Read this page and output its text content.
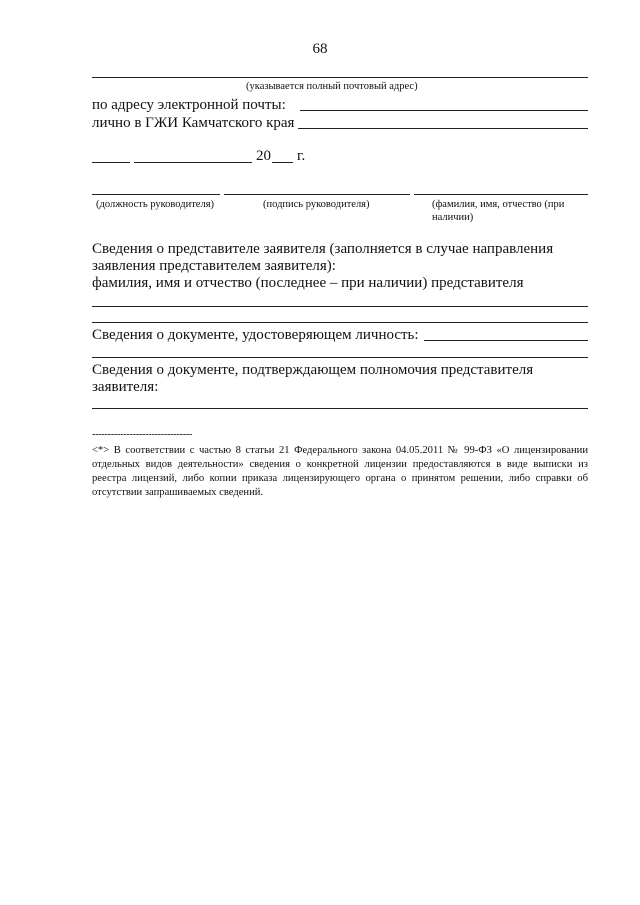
68
(указывается полный почтовый адрес)
по адресу электронной почты:
лично в ГЖИ Камчатского края
20 г.
(должность руководителя)	(подпись руководителя)	(фамилия, имя, отчество (при
наличии)
Сведения о представителе заявителя (заполняется в случае направления
заявления представителем заявителя):
фамилия, имя и отчество (последнее – при наличии) представителя
Сведения о документе, удостоверяющем личность:
Сведения о документе, подтверждающем полномочия представителя
заявителя:
--------------------------------
<*> В соответствии с частью 8 статьи 21 Федерального закона 04.05.2011 № 99-ФЗ «О лицензировании отдельных видов деятельности» сведения о конкретной лицензии предоставляются в виде выписки из реестра лицензий, либо копии приказа лицензирующего органа о принятом решении, либо справки об отсутствии запрашиваемых сведений.
